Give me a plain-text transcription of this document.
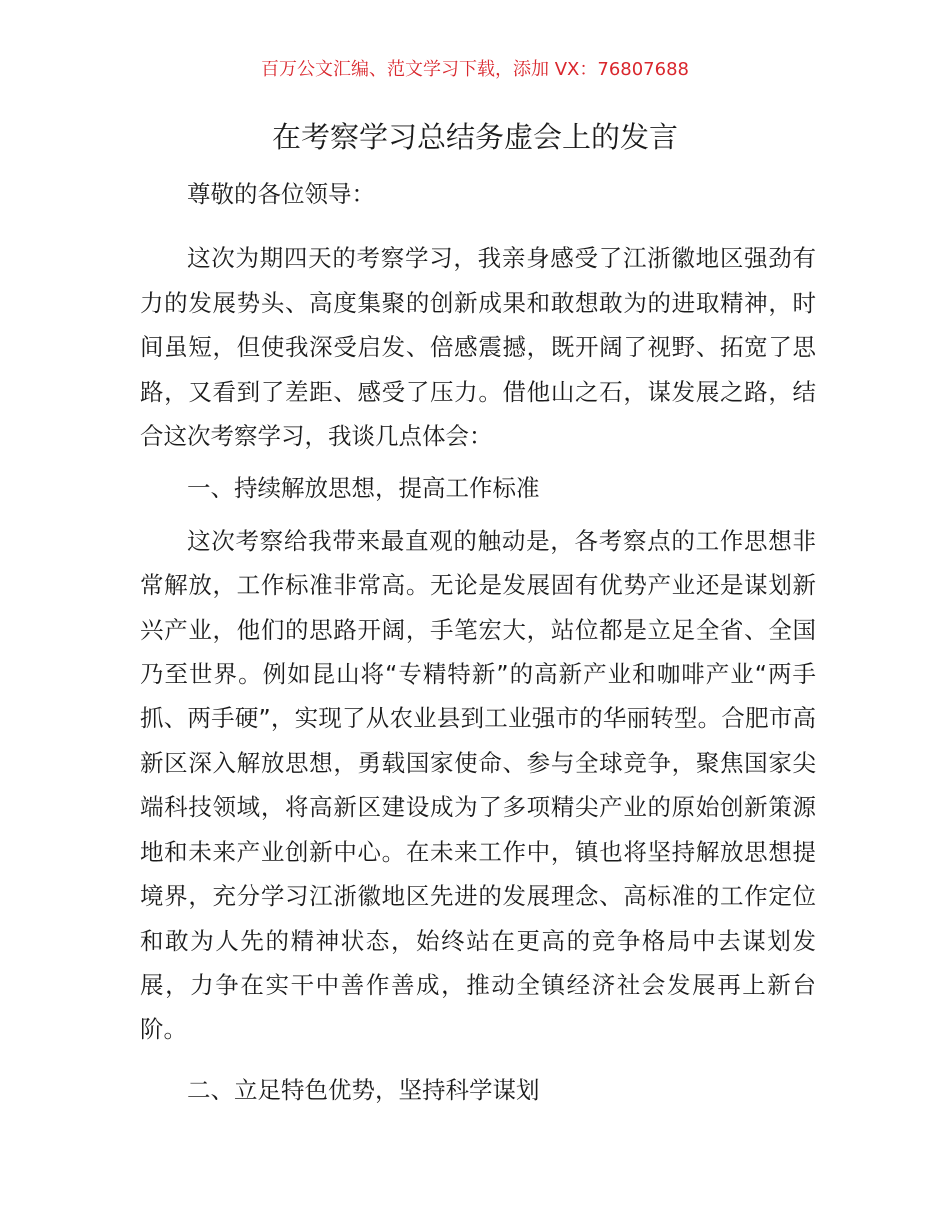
百万公文汇编、范文学习下载，添加 VX：76807688
在考察学习总结务虚会上的发言

尊敬的各位领导：

这次为期四天的考察学习，我亲身感受了江浙徽地区强劲有力的发展势头、高度集聚的创新成果和敢想敢为的进取精神，时间虽短，但使我深受启发、倍感震撼，既开阔了视野、拓宽了思路，又看到了差距、感受了压力。借他山之石，谋发展之路，结合这次考察学习，我谈几点体会：

一、持续解放思想，提高工作标准

这次考察给我带来最直观的触动是，各考察点的工作思想非常解放，工作标准非常高。无论是发展固有优势产业还是谋划新兴产业，他们的思路开阔，手笔宏大，站位都是立足全省、全国乃至世界。例如昆山将“专精特新”的高新产业和咖啡产业“两手抓、两手硬”，实现了从农业县到工业强市的华丽转型。合肥市高新区深入解放思想，勇载国家使命、参与全球竞争，聚焦国家尖端科技领域，将高新区建设成为了多项精尖产业的原始创新策源地和未来产业创新中心。在未来工作中，镇也将坚持解放思想提境界，充分学习江浙徽地区先进的发展理念、高标准的工作定位和敢为人先的精神状态，始终站在更高的竞争格局中去谋划发展，力争在实干中善作善成，推动全镇经济社会发展再上新台阶。

二、立足特色优势，坚持科学谋划
